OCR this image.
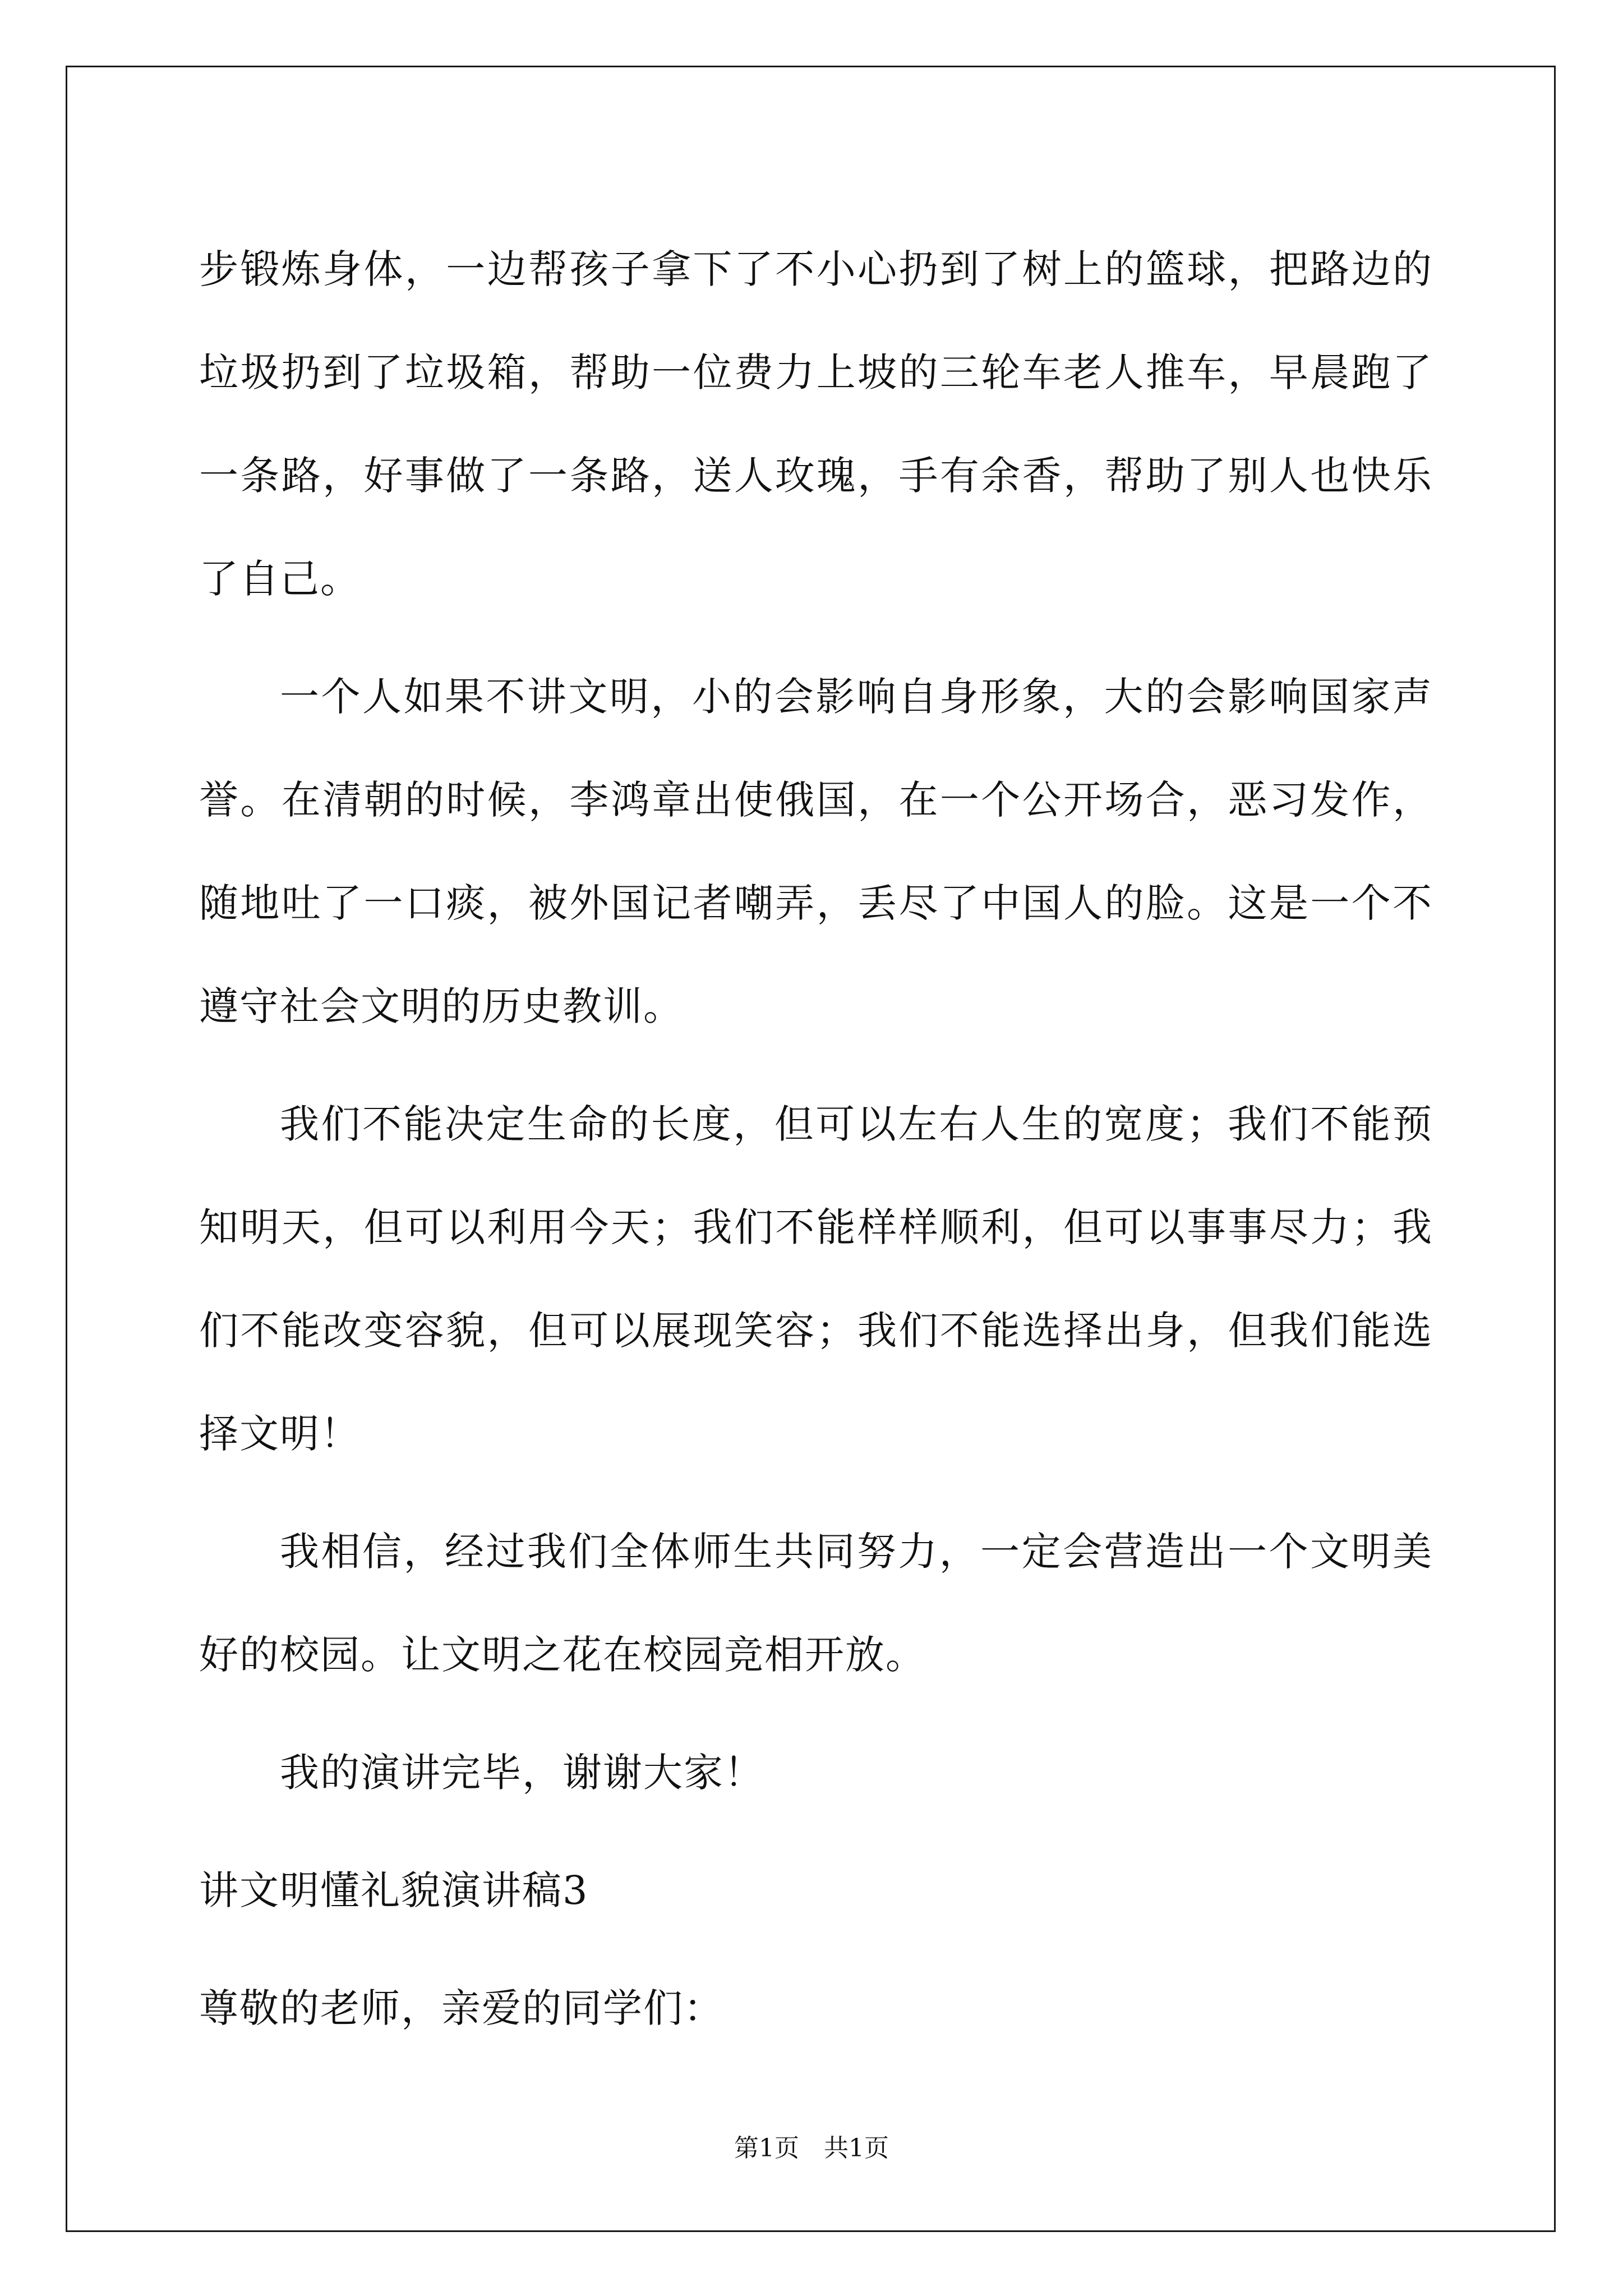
步锻炼身体，一边帮孩子拿下了不小心扔到了树上的篮球，把路边的垃圾扔到了垃圾箱，帮助一位费力上坡的三轮车老人推车，早晨跑了一条路，好事做了一条路，送人玫瑰，手有余香，帮助了别人也快乐了自己。

一个人如果不讲文明，小的会影响自身形象，大的会影响国家声誉。在清朝的时候，李鸿章出使俄国，在一个公开场合，恶习发作，随地吐了一口痰，被外国记者嘲弄，丢尽了中国人的脸。这是一个不遵守社会文明的历史教训。

我们不能决定生命的长度，但可以左右人生的宽度；我们不能预知明天，但可以利用今天；我们不能样样顺利，但可以事事尽力；我们不能改变容貌，但可以展现笑容；我们不能选择出身，但我们能选择文明！

我相信，经过我们全体师生共同努力，一定会营造出一个文明美好的校园。让文明之花在校园竞相开放。

我的演讲完毕，谢谢大家！

讲文明懂礼貌演讲稿3

尊敬的老师，亲爱的同学们：

第1页　共1页
